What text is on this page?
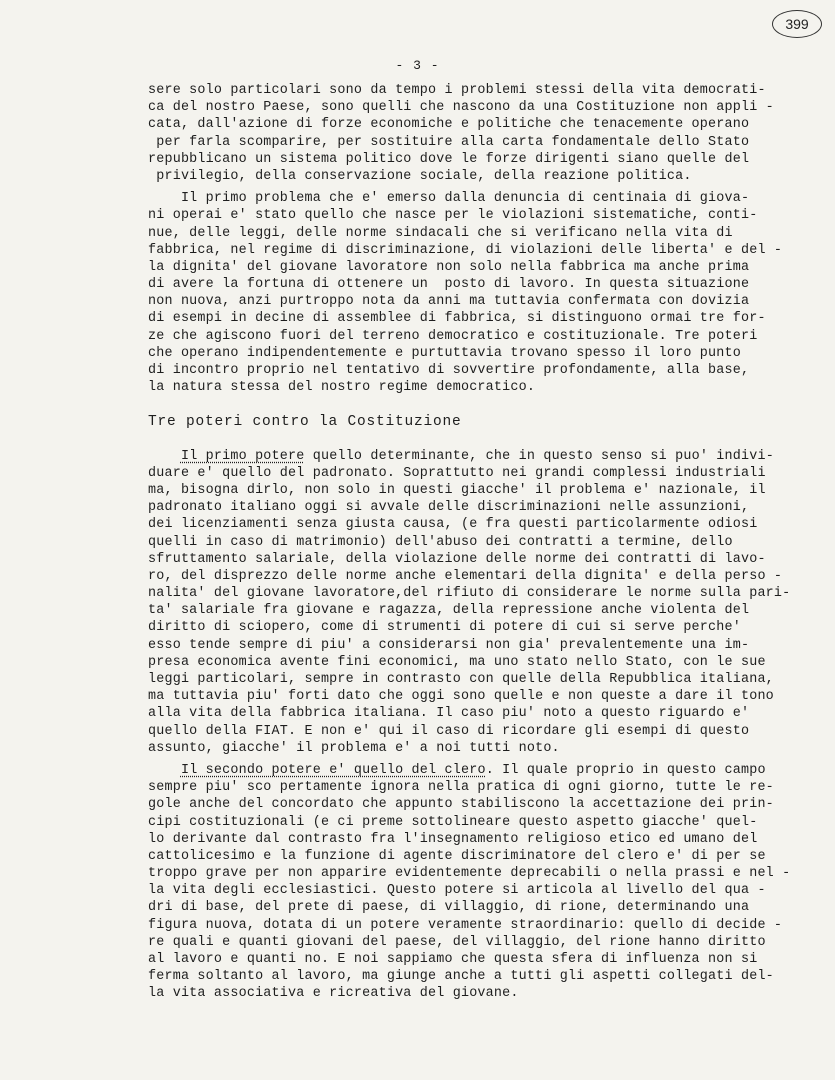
399
- 3 -
sere solo particolari sono da tempo i problemi stessi della vita democrati-
ca del nostro Paese, sono quelli che nascono da una Costituzione non appli -
cata, dall'azione di forze economiche e politiche che tenacemente operano
per farla scomparire, per sostituire alla carta fondamentale dello Stato
repubblicano un sistema politico dove le forze dirigenti siano quelle del
privilegio, della conservazione sociale, della reazione politica.
Il primo problema che e' emerso dalla denuncia di centinaia di giova-
ni operai e' stato quello che nasce per le violazioni sistematiche, conti-
nue, delle leggi, delle norme sindacali che si verificano nella vita di
fabbrica, nel regime di discriminazione, di violazioni delle liberta' e del -
la dignita' del giovane lavoratore non solo nella fabbrica ma anche prima
di avere la fortuna di ottenere un  posto di lavoro. In questa situazione
non nuova, anzi purtroppo nota da anni ma tuttavia confermata con dovizia
di esempi in decine di assemblee di fabbrica, si distinguono ormai tre for-
ze che agiscono fuori del terreno democratico e costituzionale. Tre poteri
che operano indipendentemente e purtuttavia trovano spesso il loro punto
di incontro proprio nel tentativo di sovvertire profondamente, alla base,
la natura stessa del nostro regime democratico.
Tre poteri contro la Costituzione
Il primo potere quello determinante, che in questo senso si puo' indivi-
duare e' quello del padronato. Soprattutto nei grandi complessi industriali
ma, bisogna dirlo, non solo in questi giacche' il problema e' nazionale, il
padronato italiano oggi si avvale delle discriminazioni nelle assunzioni,
dei licenziamenti senza giusta causa, (e fra questi particolarmente odiosi
quelli in caso di matrimonio) dell'abuso dei contratti a termine, dello
sfruttamento salariale, della violazione delle norme dei contratti di lavo-
ro, del disprezzo delle norme anche elementari della dignita' e della perso -
nalita' del giovane lavoratore,del rifiuto di considerare le norme sulla pari-
ta' salariale fra giovane e ragazza, della repressione anche violenta del
diritto di sciopero, come di strumenti di potere di cui si serve perche'
esso tende sempre di piu' a considerarsi non gia' prevalentemente una im-
presa economica avente fini economici, ma uno stato nello Stato, con le sue
leggi particolari, sempre in contrasto con quelle della Repubblica italiana,
ma tuttavia piu' forti dato che oggi sono quelle e non queste a dare il tono
alla vita della fabbrica italiana. Il caso piu' noto a questo riguardo e'
quello della FIAT. E non e' qui il caso di ricordare gli esempi di questo
assunto, giacche' il problema e' a noi tutti noto.
Il secondo potere e' quello del clero. Il quale proprio in questo campo
sempre piu' sco pertamente ignora nella pratica di ogni giorno, tutte le re-
gole anche del concordato che appunto stabiliscono la accettazione dei prin-
cipi costituzionali (e ci preme sottolineare questo aspetto giacche' quel-
lo derivante dal contrasto fra l'insegnamento religioso etico ed umano del
cattolicesimo e la funzione di agente discriminatore del clero e' di per se
troppo grave per non apparire evidentemente deprecabili o nella prassi e nel -
la vita degli ecclesiastici. Questo potere si articola al livello del qua -
dri di base, del prete di paese, di villaggio, di rione, determinando una
figura nuova, dotata di un potere veramente straordinario: quello di decide -
re quali e quanti giovani del paese, del villaggio, del rione hanno diritto
al lavoro e quanti no. E noi sappiamo che questa sfera di influenza non si
ferma soltanto al lavoro, ma giunge anche a tutti gli aspetti collegati del-
la vita associativa e ricreativa del giovane.
